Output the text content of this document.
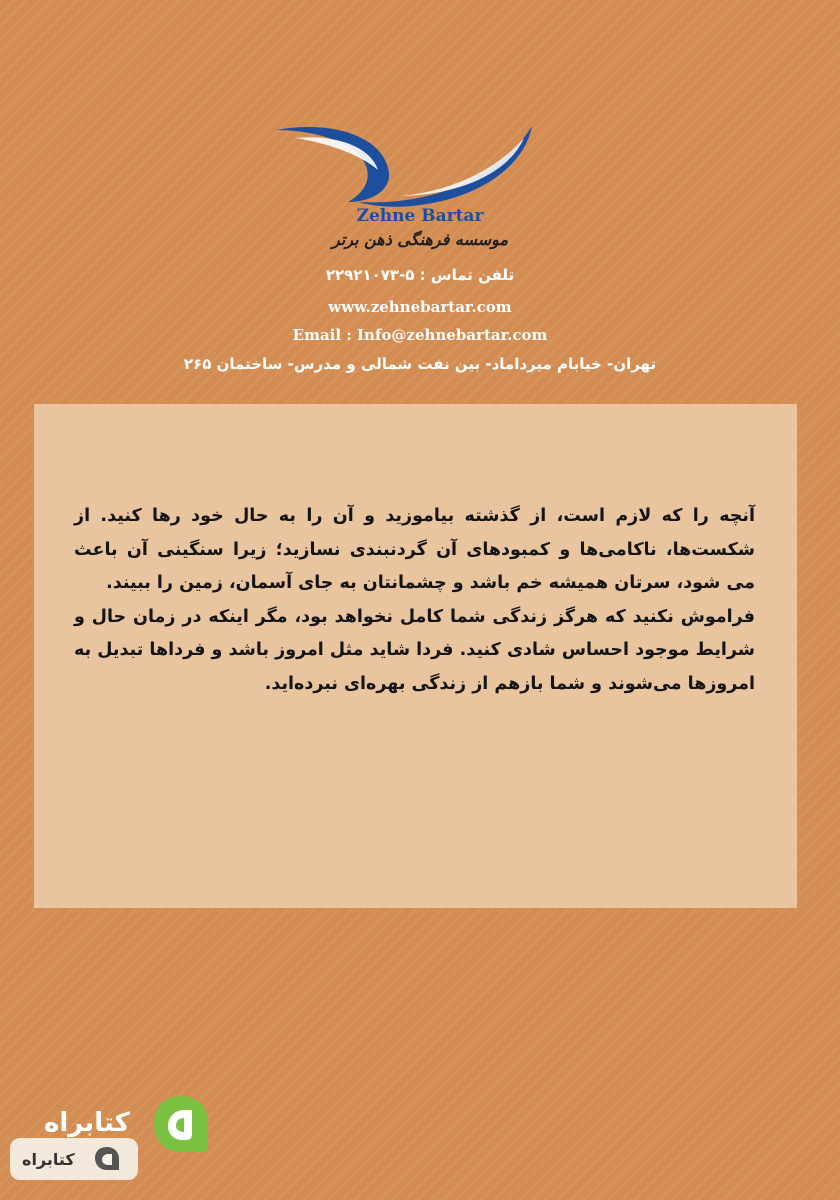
Zehne Bartar
موسسه فرهنگی ذهن برتر
تلفن تماس : ۵-۲۲۹۲۱۰۷۳
www.zehnebartar.com
Email : Info@zehnebartar.com
تهران- خیابام میرداماد- بین نفت شمالی و مدرس- ساختمان ۲۶۵

آنچه را که لازم است، از گذشته بیاموزید و آن را به حال خود رها کنید. از شکست‌ها، ناکامی‌ها و کمبودهای آن گردنبندی نسازید؛ زیرا سنگینی آن باعث می شود، سرتان همیشه خم باشد و چشمانتان به جای آسمان، زمین را ببیند.

فراموش نکنید که هرگز زندگی شما کامل نخواهد بود، مگر اینکه در زمان حال و شرایط موجود احساس شادی کنید. فردا شاید مثل امروز باشد و فرداها تبدیل به امروزها می‌شوند و شما بازهم از زندگی بهره‌ای نبرده‌اید.

کتابراه
کتابراه
